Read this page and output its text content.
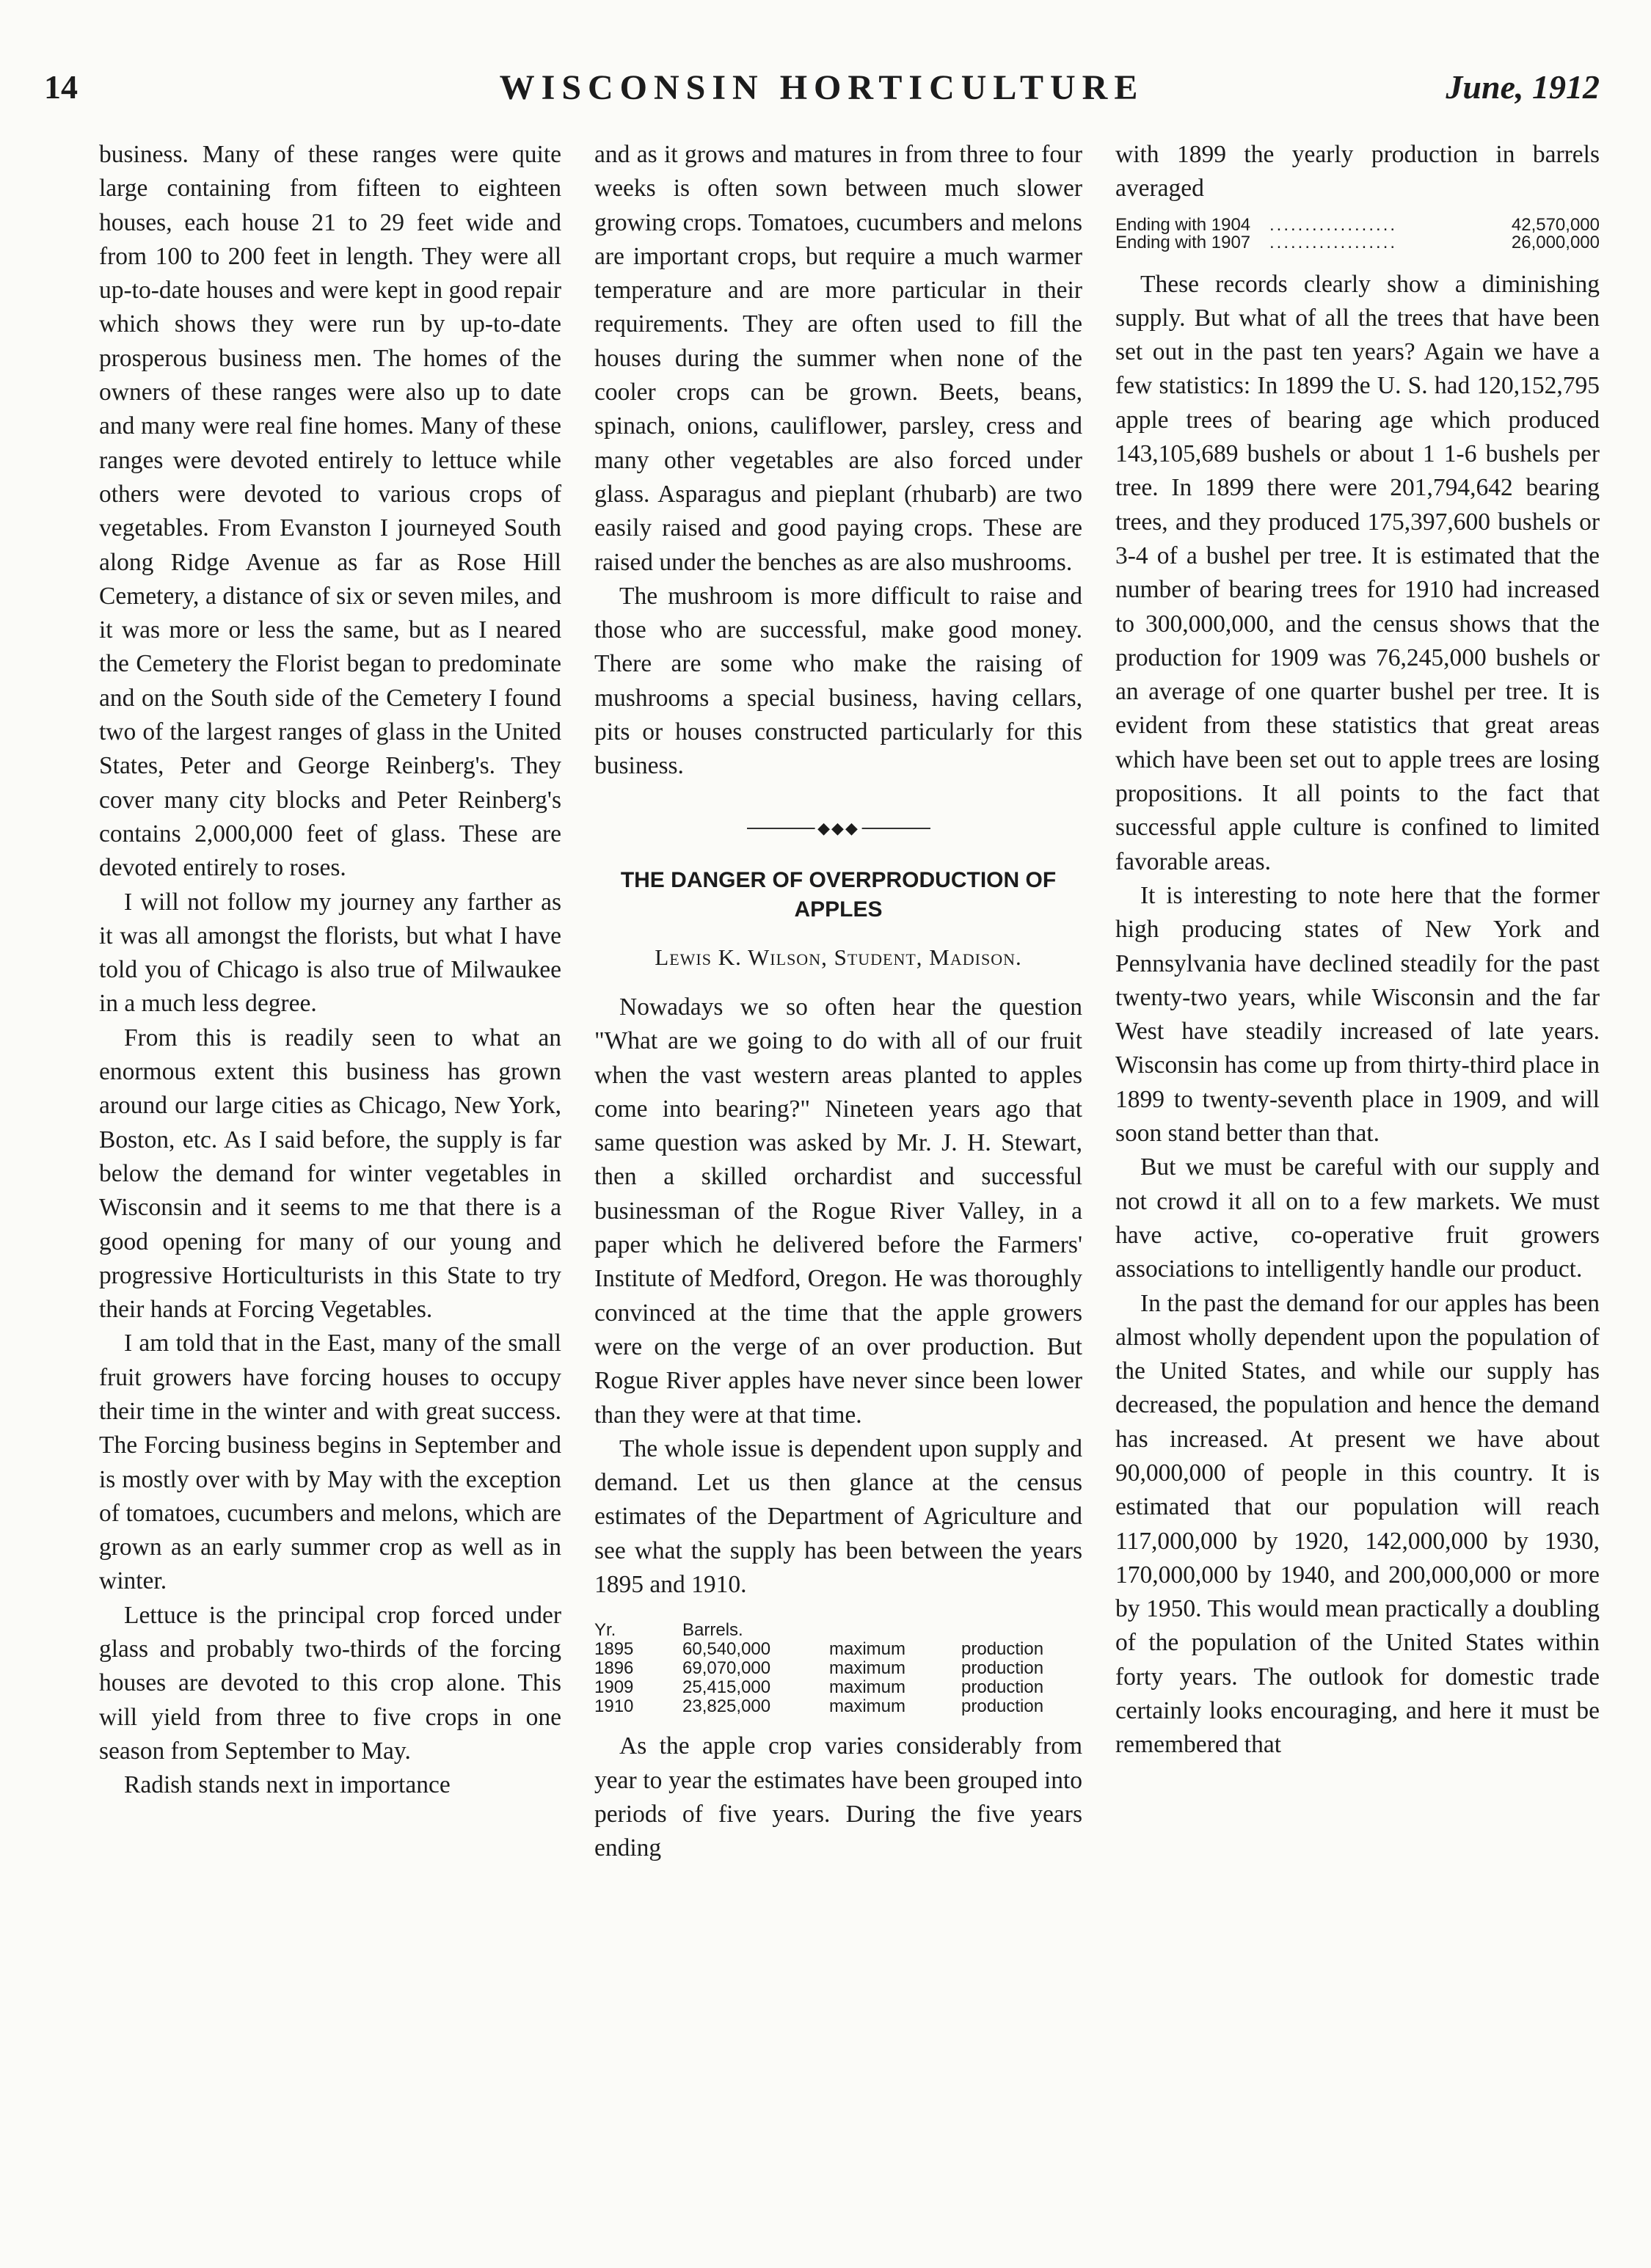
14	WISCONSIN HORTICULTURE	June, 1912

business. Many of these ranges were quite large containing from fifteen to eighteen houses, each house 21 to 29 feet wide and from 100 to 200 feet in length. They were all up-to-date houses and were kept in good repair which shows they were run by up-to-date prosperous business men. The homes of the owners of these ranges were also up to date and many were real fine homes. Many of these ranges were devoted entirely to lettuce while others were devoted to various crops of vegetables. From Evanston I journeyed South along Ridge Avenue as far as Rose Hill Cemetery, a distance of six or seven miles, and it was more or less the same, but as I neared the Cemetery the Florist began to predominate and on the South side of the Cemetery I found two of the largest ranges of glass in the United States, Peter and George Reinberg's. They cover many city blocks and Peter Reinberg's contains 2,000,000 feet of glass. These are devoted entirely to roses.

I will not follow my journey any farther as it was all amongst the florists, but what I have told you of Chicago is also true of Milwaukee in a much less degree.

From this is readily seen to what an enormous extent this business has grown around our large cities as Chicago, New York, Boston, etc. As I said before, the supply is far below the demand for winter vegetables in Wisconsin and it seems to me that there is a good opening for many of our young and progressive Horticulturists in this State to try their hands at Forcing Vegetables.

I am told that in the East, many of the small fruit growers have forcing houses to occupy their time in the winter and with great success. The Forcing business begins in September and is mostly over with by May with the exception of tomatoes, cucumbers and melons, which are grown as an early summer crop as well as in winter.

Lettuce is the principal crop forced under glass and probably two-thirds of the forcing houses are devoted to this crop alone. This will yield from three to five crops in one season from September to May.

Radish stands next in importance

and as it grows and matures in from three to four weeks is often sown between much slower growing crops. Tomatoes, cucumbers and melons are important crops, but require a much warmer temperature and are more particular in their requirements. They are often used to fill the houses during the summer when none of the cooler crops can be grown. Beets, beans, spinach, onions, cauliflower, parsley, cress and many other vegetables are also forced under glass. Asparagus and pieplant (rhubarb) are two easily raised and good paying crops. These are raised under the benches as are also mushrooms.

The mushroom is more difficult to raise and those who are successful, make good money. There are some who make the raising of mushrooms a special business, having cellars, pits or houses constructed particularly for this business.

◆◆◆
THE DANGER OF OVERPRODUCTION OF APPLES
Lewis K. Wilson, Student, Madison.

Nowadays we so often hear the question "What are we going to do with all of our fruit when the vast western areas planted to apples come into bearing?" Nineteen years ago that same question was asked by Mr. J. H. Stewart, then a skilled orchardist and successful businessman of the Rogue River Valley, in a paper which he delivered before the Farmers' Institute of Medford, Oregon. He was thoroughly convinced at the time that the apple growers were on the verge of an over production. But Rogue River apples have never since been lower than they were at that time.

The whole issue is dependent upon supply and demand. Let us then glance at the census estimates of the Department of Agriculture and see what the supply has been between the years 1895 and 1910.

Yr.	Barrels.		
1895	60,540,000	maximum	production
1896	69,070,000	maximum	production
1909	25,415,000	maximum	production
1910	23,825,000	maximum	production

As the apple crop varies considerably from year to year the estimates have been grouped into periods of five years. During the five years ending

with 1899 the yearly production in barrels averaged

Ending with 1904	..................	42,570,000
Ending with 1907	..................	26,000,000

These records clearly show a diminishing supply. But what of all the trees that have been set out in the past ten years? Again we have a few statistics: In 1899 the U. S. had 120,152,795 apple trees of bearing age which produced 143,105,689 bushels or about 1 1-6 bushels per tree. In 1899 there were 201,794,642 bearing trees, and they produced 175,397,600 bushels or 3-4 of a bushel per tree. It is estimated that the number of bearing trees for 1910 had increased to 300,000,000, and the census shows that the production for 1909 was 76,245,000 bushels or an average of one quarter bushel per tree. It is evident from these statistics that great areas which have been set out to apple trees are losing propositions. It all points to the fact that successful apple culture is confined to limited favorable areas.

It is interesting to note here that the former high producing states of New York and Pennsylvania have declined steadily for the past twenty-two years, while Wisconsin and the far West have steadily increased of late years. Wisconsin has come up from thirty-third place in 1899 to twenty-seventh place in 1909, and will soon stand better than that.

But we must be careful with our supply and not crowd it all on to a few markets. We must have active, co-operative fruit growers associations to intelligently handle our product.

In the past the demand for our apples has been almost wholly dependent upon the population of the United States, and while our supply has decreased, the population and hence the demand has increased. At present we have about 90,000,000 of people in this country. It is estimated that our population will reach 117,000,000 by 1920, 142,000,000 by 1930, 170,000,000 by 1940, and 200,000,000 or more by 1950. This would mean practically a doubling of the population of the United States within forty years. The outlook for domestic trade certainly looks encouraging, and here it must be remembered that
